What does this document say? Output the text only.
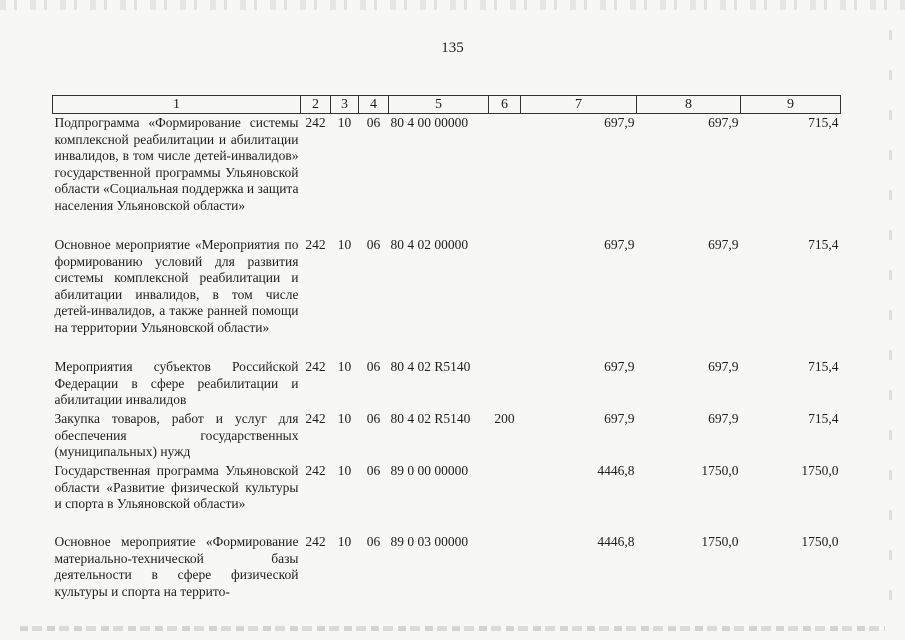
135
1	2	3	4	5	6	7	8	9
Подпрограмма «Формирование системы комплексной реабилитации и абилитации инвалидов, в том числе детей-инвалидов» государственной программы Ульяновской области «Социальная поддержка и защита населения Ульяновской области»	242	10	06	80 4 00 00000		697,9	697,9	715,4
Основное мероприятие «Мероприятия по формированию условий для развития системы комплексной реабилитации и абилитации инвалидов, в том числе детей-инвалидов, а также ранней помощи на территории Ульяновской области»	242	10	06	80 4 02 00000		697,9	697,9	715,4
Мероприятия субъектов Российской Федерации в сфере реабилитации и абилитации инвалидов	242	10	06	80 4 02 R5140		697,9	697,9	715,4
Закупка товаров, работ и услуг для обеспечения государственных (муниципальных) нужд	242	10	06	80 4 02 R5140	200	697,9	697,9	715,4
Государственная программа Ульяновской области «Развитие физической культуры и спорта в Ульяновской области»	242	10	06	89 0 00 00000		4446,8	1750,0	1750,0
Основное мероприятие «Формирование материально-технической базы деятельности в сфере физической культуры и спорта на террито-	242	10	06	89 0 03 00000		4446,8	1750,0	1750,0
